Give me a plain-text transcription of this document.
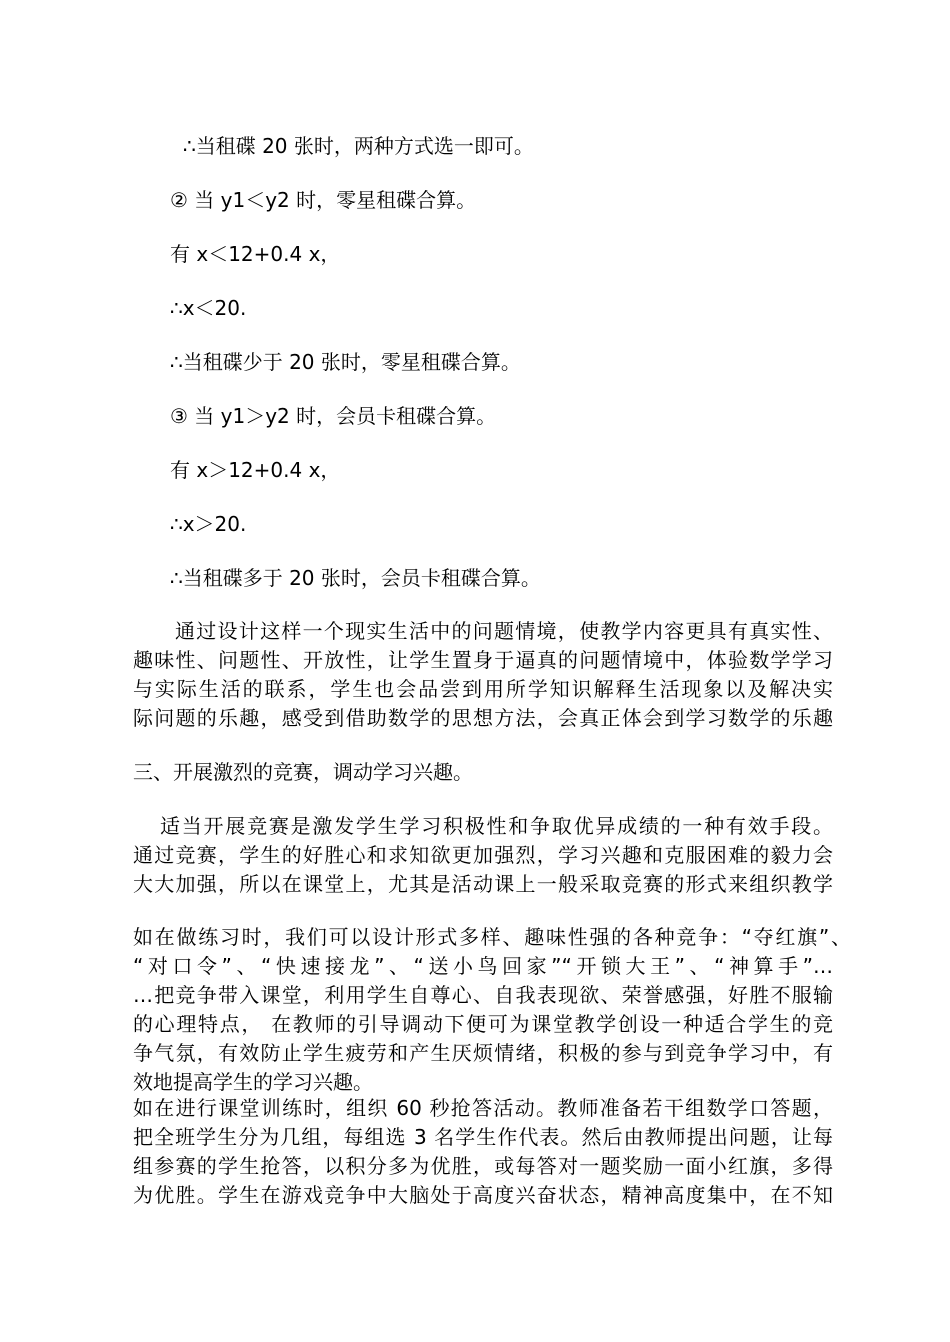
∴当租碟 20 张时，两种方式选一即可。

② 当 y1＜y2 时，零星租碟合算。

有 x＜12+0.4 x，

∴x＜20.

∴当租碟少于 20 张时，零星租碟合算。

③ 当 y1＞y2 时，会员卡租碟合算。

有 x＞12+0.4 x，

∴x＞20.

∴当租碟多于 20 张时，会员卡租碟合算。

通过设计这样一个现实生活中的问题情境，使教学内容更具有真实性、

趣味性、问题性、开放性，让学生置身于逼真的问题情境中，体验数学学习

与实际生活的联系，学生也会品尝到用所学知识解释生活现象以及解决实

际问题的乐趣，感受到借助数学的思想方法，会真正体会到学习数学的乐趣

三、开展激烈的竞赛，调动学习兴趣。

适当开展竞赛是激发学生学习积极性和争取优异成绩的一种有效手段。

通过竞赛，学生的好胜心和求知欲更加强烈，学习兴趣和克服困难的毅力会

大大加强，所以在课堂上，尤其是活动课上一般采取竞赛的形式来组织教学

如在做练习时，我们可以设计形式多样、趣味性强的各种竞争：“夺红旗”、

“对口令”、“快速接龙”、“送小鸟回家”“开锁大王”、“神算手”…

…把竞争带入课堂，利用学生自尊心、自我表现欲、荣誉感强，好胜不服输

的心理特点， 在教师的引导调动下便可为课堂教学创设一种适合学生的竞

争气氛，有效防止学生疲劳和产生厌烦情绪，积极的参与到竞争学习中，有

效地提高学生的学习兴趣。

如在进行课堂训练时，组织 60 秒抢答活动。教师准备若干组数学口答题，

把全班学生分为几组，每组选 3 名学生作代表。然后由教师提出问题，让每

组参赛的学生抢答，以积分多为优胜，或每答对一题奖励一面小红旗，多得

为优胜。学生在游戏竞争中大脑处于高度兴奋状态，精神高度集中，在不知
